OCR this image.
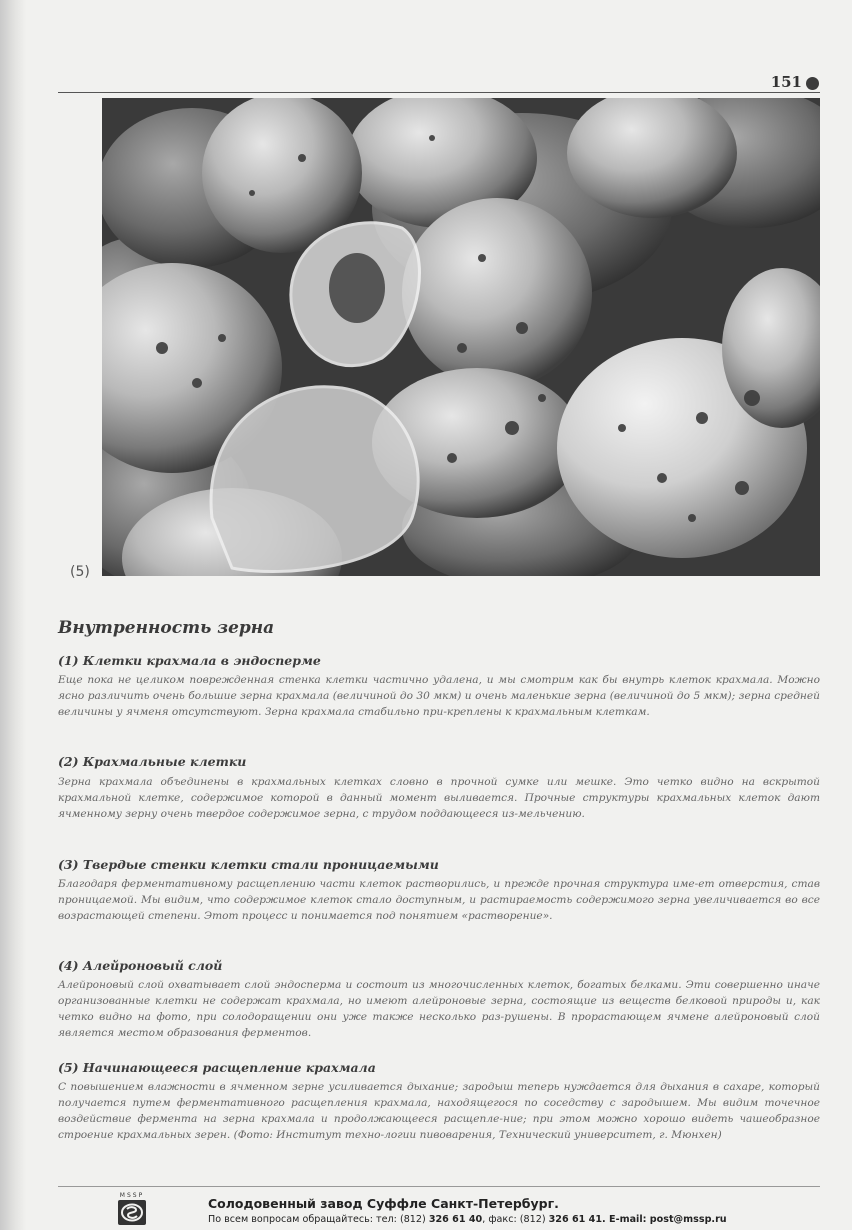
151
(5)
Внутренность зерна
(1) Клетки крахмала в эндосперме
Еще пока не целиком поврежденная стенка клетки частично удалена, и мы смотрим как бы внутрь клеток крахмала. Можно ясно различить очень большие зерна крахмала (величиной до 30 мкм) и очень маленькие зерна (величиной до 5 мкм); зерна средней величины у ячменя отсутствуют. Зерна крахмала стабильно при-креплены к крахмальным клеткам.
(2) Крахмальные клетки
Зерна крахмала объединены в крахмальных клетках словно в прочной сумке или мешке. Это четко видно на вскрытой крахмальной клетке, содержимое которой в данный момент выливается. Прочные структуры крахмальных клеток дают ячменному зерну очень твердое содержимое зерна, с трудом поддающееся из-мельчению.
(3) Твердые стенки клетки стали проницаемыми
Благодаря ферментативному расщеплению части клеток растворились, и прежде прочная структура име-ет отверстия, став проницаемой. Мы видим, что содержимое клеток стало доступным, и растираемость содержимого зерна увеличивается во все возрастающей степени. Этот процесс и понимается под понятием «растворение».
(4) Алейроновый слой
Алейроновый слой охватывает слой эндосперма и состоит из многочисленных клеток, богатых белками. Эти совершенно иначе организованные клетки не содержат крахмала, но имеют алейроновые зерна, состоящие из веществ белковой природы и, как четко видно на фото, при солодоращении они уже также несколько раз-рушены. В прорастающем ячмене алейроновый слой является местом образования ферментов.
(5) Начинающееся расщепление крахмала
С повышением влажности в ячменном зерне усиливается дыхание; зародыш теперь нуждается для дыхания в сахаре, который получается путем ферментативного расщепления крахмала, находящегося по соседству с зародышем. Мы видим точечное воздействие фермента на зерна крахмала и продолжающееся расщепле-ние; при этом можно хорошо видеть чашеобразное строение крахмальных зерен. (Фото: Институт техно-логии пивоварения, Технический университет, г. Мюнхен)
MSSP
Солодовенный завод Суффле Санкт-Петербург.
По всем вопросам обращайтесь: тел: (812) 326 61 40, факс: (812) 326 61 41. E-mail: post@mssp.ru
